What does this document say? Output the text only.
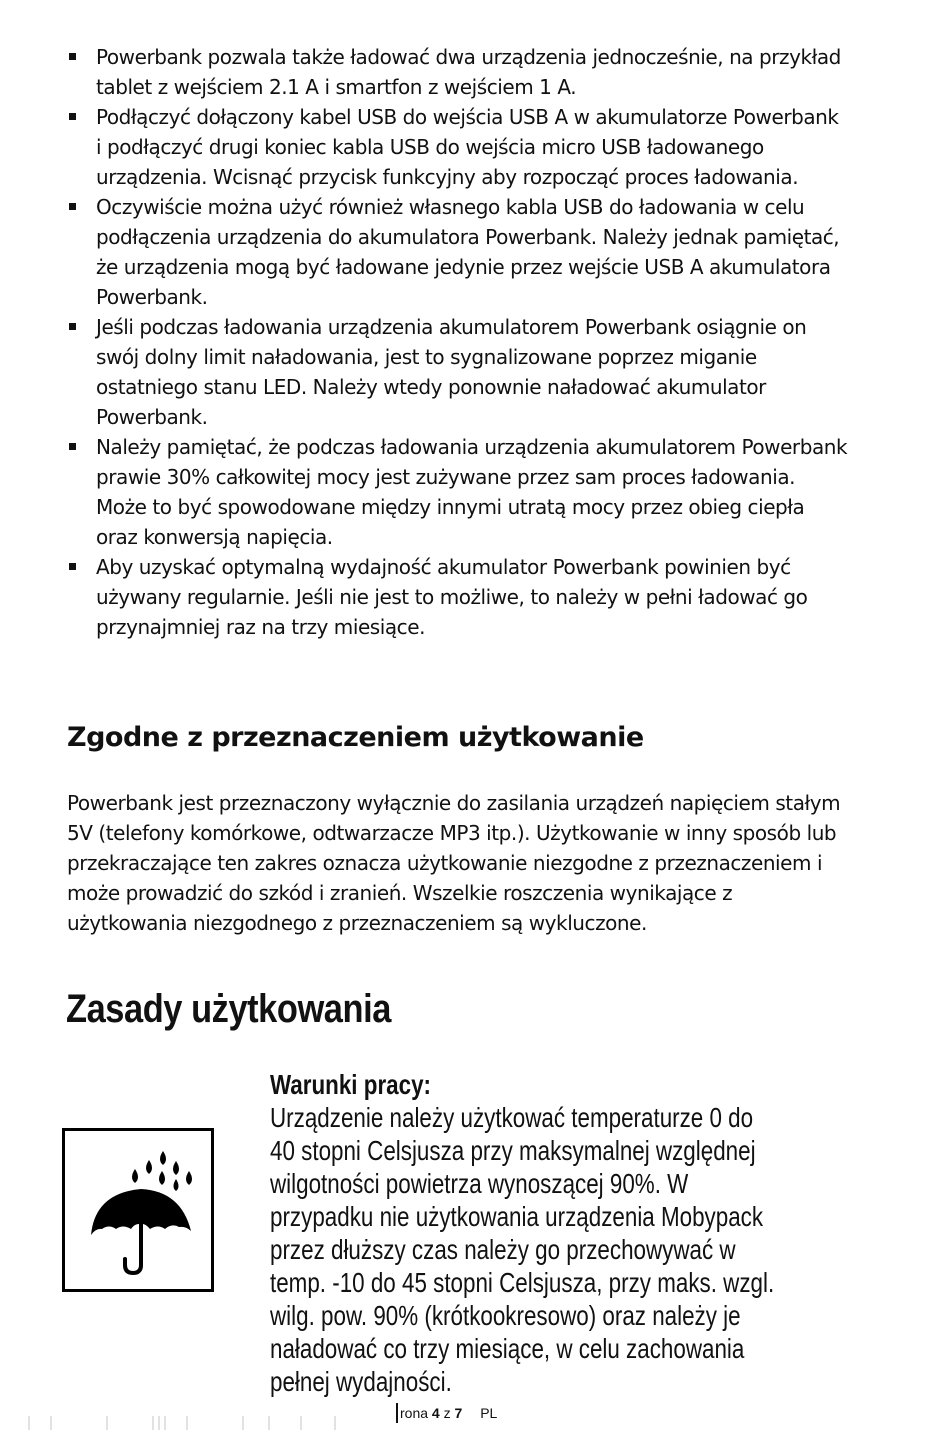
Powerbank pozwala także ładować dwa urządzenia jednocześnie, na przykład tablet z wejściem 2.1 A i smartfon z wejściem 1 A.
Podłączyć dołączony kabel USB do wejścia USB A w akumulatorze Powerbank i podłączyć drugi koniec kabla USB do wejścia micro USB ładowanego urządzenia. Wcisnąć przycisk funkcyjny aby rozpocząć proces ładowania.
Oczywiście można użyć również własnego kabla USB do ładowania w celu podłączenia urządzenia do akumulatora Powerbank. Należy jednak pamiętać, że urządzenia mogą być ładowane jedynie przez wejście USB A akumulatora Powerbank.
Jeśli podczas ładowania urządzenia akumulatorem Powerbank osiągnie on swój dolny limit naładowania, jest to sygnalizowane poprzez miganie ostatniego stanu LED. Należy wtedy ponownie naładować akumulator Powerbank.
Należy pamiętać, że podczas ładowania urządzenia akumulatorem Powerbank prawie 30% całkowitej mocy jest zużywane przez sam proces ładowania. Może to być spowodowane między innymi utratą mocy przez obieg ciepła oraz konwersją napięcia.
Aby uzyskać optymalną wydajność akumulator Powerbank powinien być używany regularnie. Jeśli nie jest to możliwe, to należy w pełni ładować go przynajmniej raz na trzy miesiące.
Zgodne z przeznaczeniem użytkowanie

Powerbank jest przeznaczony wyłącznie do zasilania urządzeń napięciem stałym 5V (telefony komórkowe, odtwarzacze MP3 itp.). Użytkowanie w inny sposób lub przekraczające ten zakres oznacza użytkowanie niezgodne z przeznaczeniem i może prowadzić do szkód i zranień. Wszelkie roszczenia wynikające z użytkowania niezgodnego z przeznaczeniem są wykluczone.

Zasady użytkowania
Warunki pracy:
Urządzenie należy użytkować temperaturze 0 do 40 stopni Celsjusza przy maksymalnej względnej wilgotności powietrza wynoszącej 90%. W przypadku nie użytkowania urządzenia Mobypack przez dłuższy czas należy go przechowywać w temp. -10 do 45 stopni Celsjusza, przy maks. wzgl. wilg. pow. 90% (krótkookresowo) oraz należy je naładować co trzy miesiące, w celu zachowania pełnej wydajności.
rona 4 z 7 PL
